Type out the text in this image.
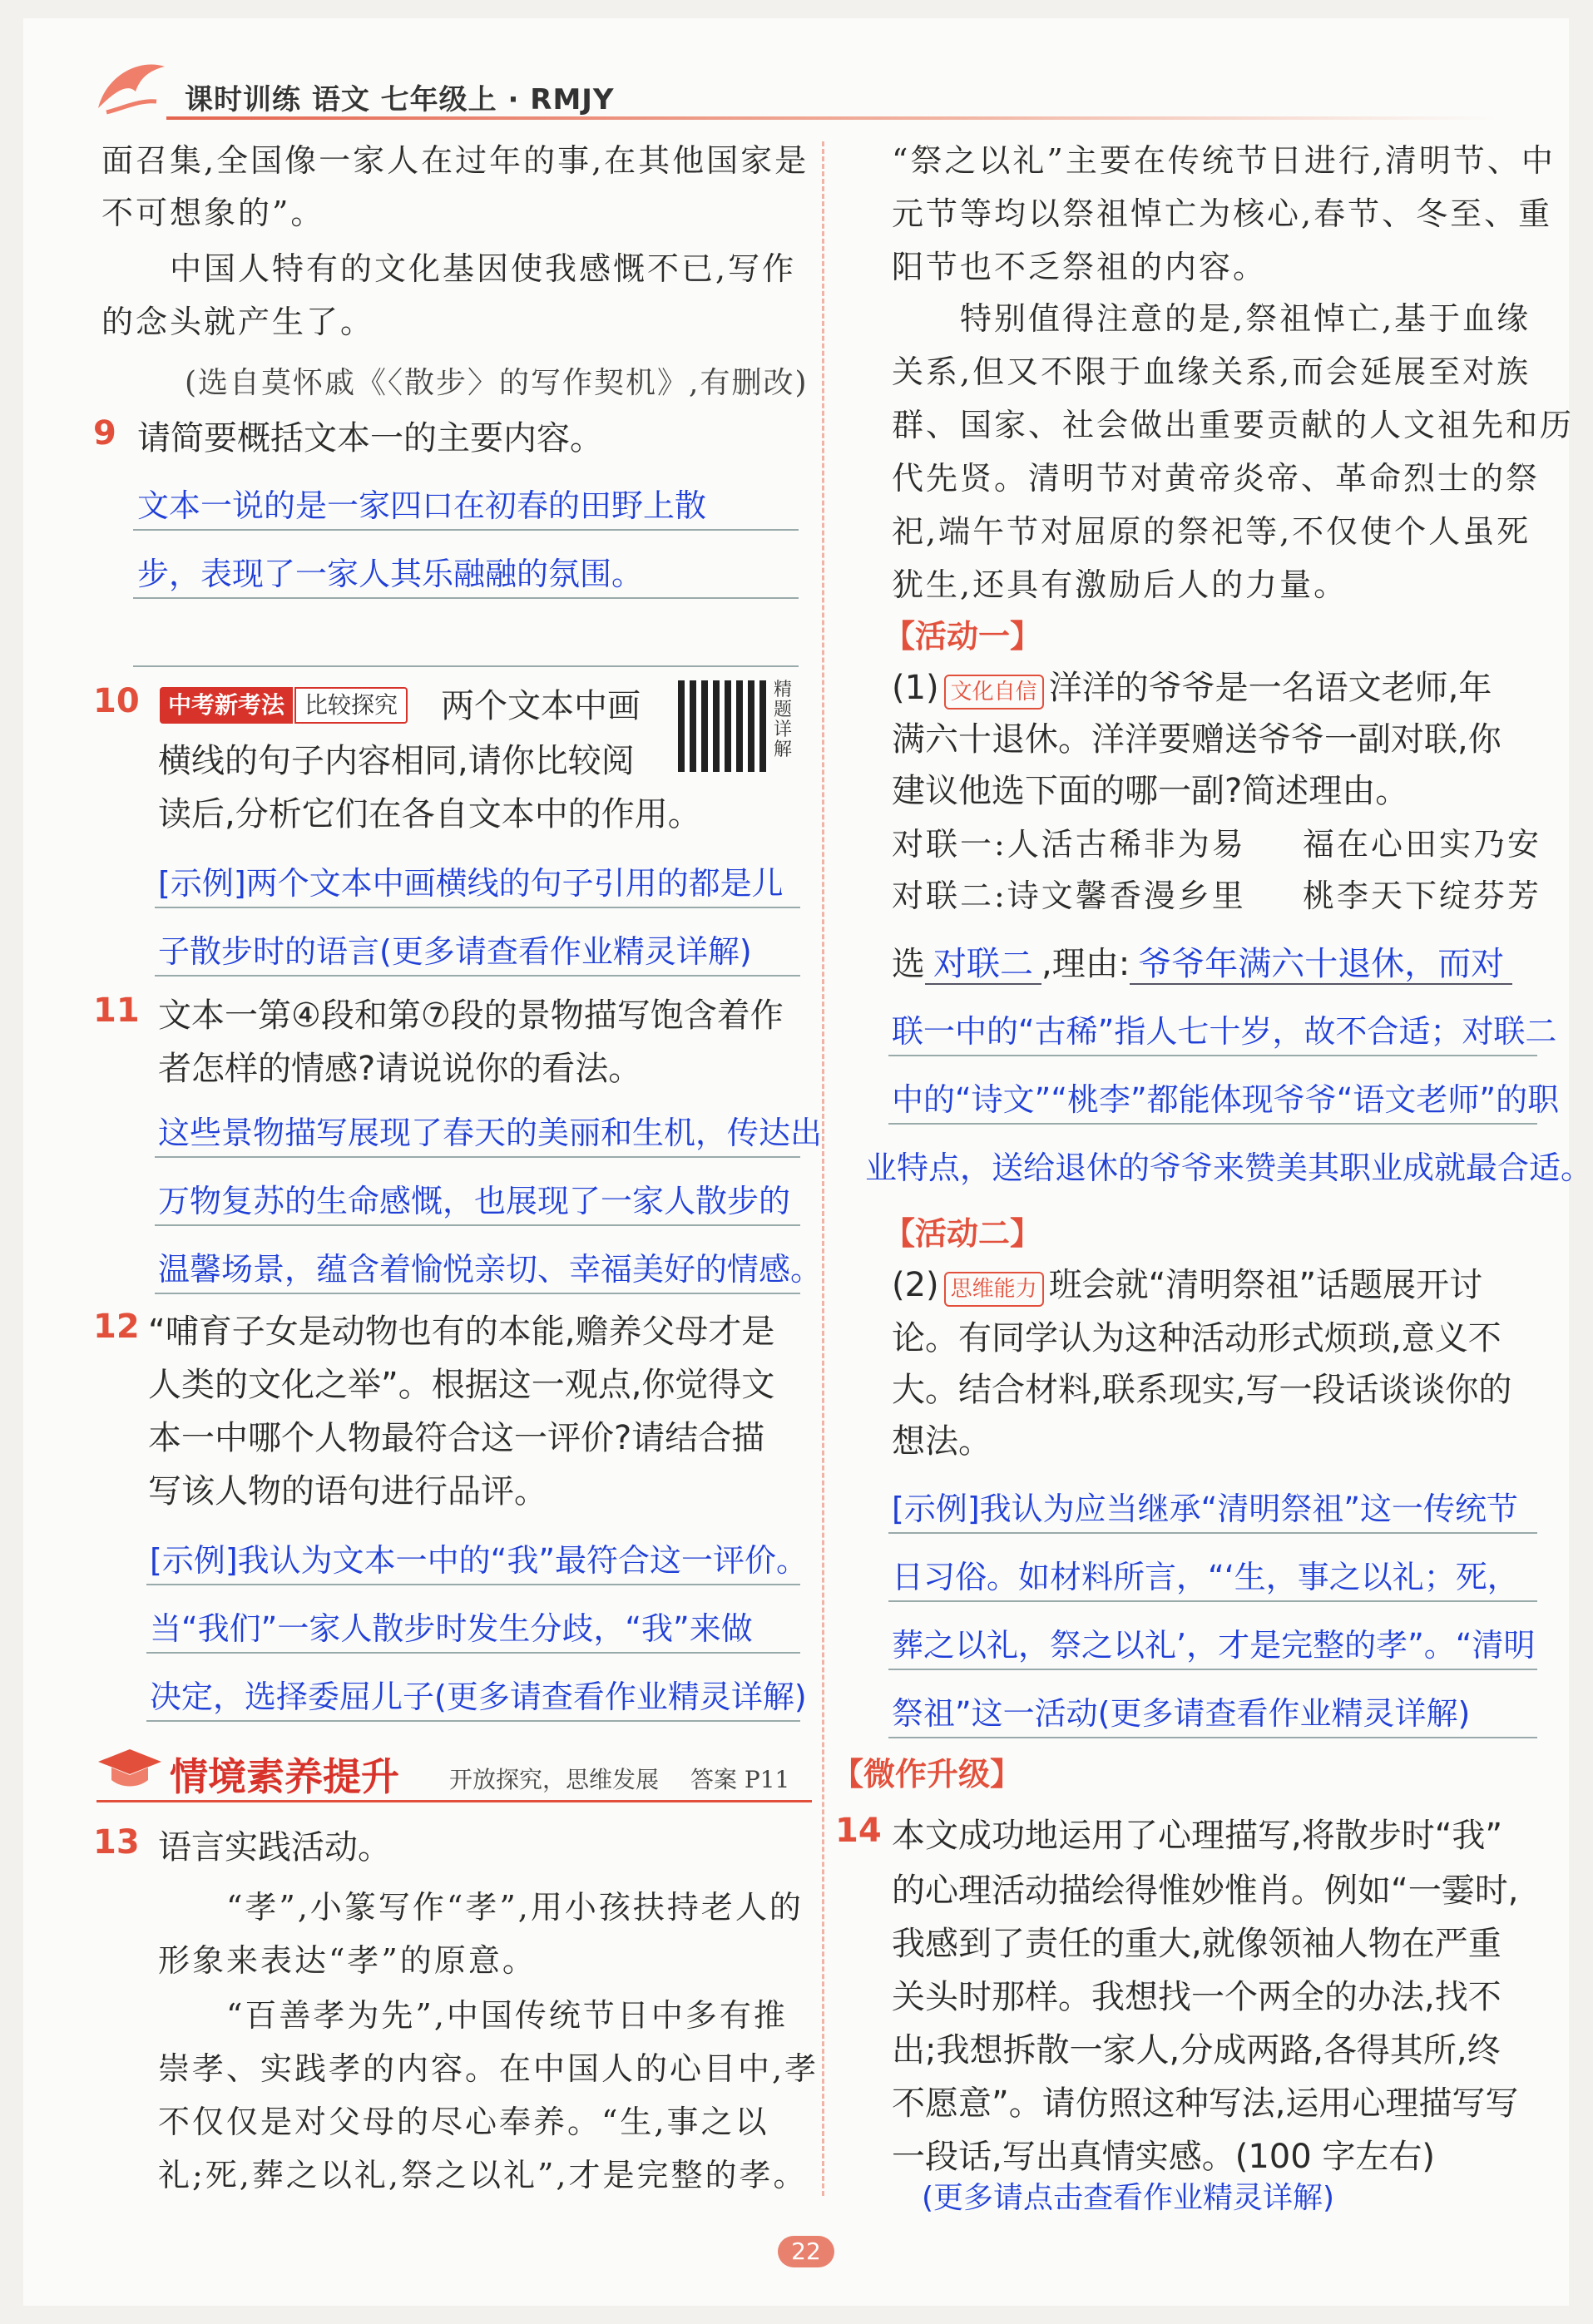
课时训练 语文 七年级上 · RMJY
面召集,全国像一家人在过年的事,在其他国家是
不可想象的”。
　　中国人特有的文化基因使我感慨不已,写作
的念头就产生了。
(选自莫怀戚《〈散步〉的写作契机》,有删改)
9 请简要概括文本一的主要内容。
文本一说的是一家四口在初春的田野上散
步，表现了一家人其乐融融的氛围。
10	中考新考法 比较探究	两个文本中画	精题详解
横线的句子内容相同,请你比较阅
读后,分析它们在各自文本中的作用。
[示例]两个文本中画横线的句子引用的都是儿
子散步时的语言(更多请查看作业精灵详解)
11 文本一第④段和第⑦段的景物描写饱含着作
者怎样的情感?请说说你的看法。
这些景物描写展现了春天的美丽和生机，传达出
万物复苏的生命感慨，也展现了一家人散步的
温馨场景，蕴含着愉悦亲切、幸福美好的情感。
12 “哺育子女是动物也有的本能,赡养父母才是
人类的文化之举”。根据这一观点,你觉得文
本一中哪个人物最符合这一评价?请结合描
写该人物的语句进行品评。
[示例]我认为文本一中的“我”最符合这一评价。
当“我们”一家人散步时发生分歧，“我”来做
决定，选择委屈儿子(更多请查看作业精灵详解)
情境素养提升 开放探究，思维发展 答案 P11
13 语言实践活动。
　　“孝”,小篆写作“孝”,用小孩扶持老人的
形象来表达“孝”的原意。
　　“百善孝为先”,中国传统节日中多有推
崇孝、实践孝的内容。在中国人的心目中,孝
不仅仅是对父母的尽心奉养。“生,事之以
礼;死,葬之以礼,祭之以礼”,才是完整的孝。
“祭之以礼”主要在传统节日进行,清明节、中
元节等均以祭祖悼亡为核心,春节、冬至、重
阳节也不乏祭祖的内容。
　　特别值得注意的是,祭祖悼亡,基于血缘
关系,但又不限于血缘关系,而会延展至对族
群、国家、社会做出重要贡献的人文祖先和历
代先贤。清明节对黄帝炎帝、革命烈士的祭
祀,端午节对屈原的祭祀等,不仅使个人虽死
犹生,还具有激励后人的力量。
【活动一】
(1) 文化自信 洋洋的爷爷是一名语文老师,年
满六十退休。洋洋要赠送爷爷一副对联,你
建议他选下面的哪一副?简述理由。
对联一:人活古稀非为易 福在心田实乃安
对联二:诗文馨香漫乡里 桃李天下绽芬芳
选 对联二 ,理由: 爷爷年满六十退休，而对
联一中的“古稀”指人七十岁，故不合适；对联二
中的“诗文”“桃李”都能体现爷爷“语文老师”的职
业特点，送给退休的爷爷来赞美其职业成就最合适。
【活动二】
(2) 思维能力 班会就“清明祭祖”话题展开讨
论。有同学认为这种活动形式烦琐,意义不
大。结合材料,联系现实,写一段话谈谈你的
想法。
[示例]我认为应当继承“清明祭祖”这一传统节
日习俗。如材料所言，“‘生，事之以礼；死，
葬之以礼，祭之以礼’，才是完整的孝”。“清明
祭祖”这一活动(更多请查看作业精灵详解)
【微作升级】
14 本文成功地运用了心理描写,将散步时“我”
的心理活动描绘得惟妙惟肖。例如“一霎时,
我感到了责任的重大,就像领袖人物在严重
关头时那样。我想找一个两全的办法,找不
出;我想拆散一家人,分成两路,各得其所,终
不愿意”。请仿照这种写法,运用心理描写写
一段话,写出真情实感。(100 字左右)
(更多请点击查看作业精灵详解)
22
